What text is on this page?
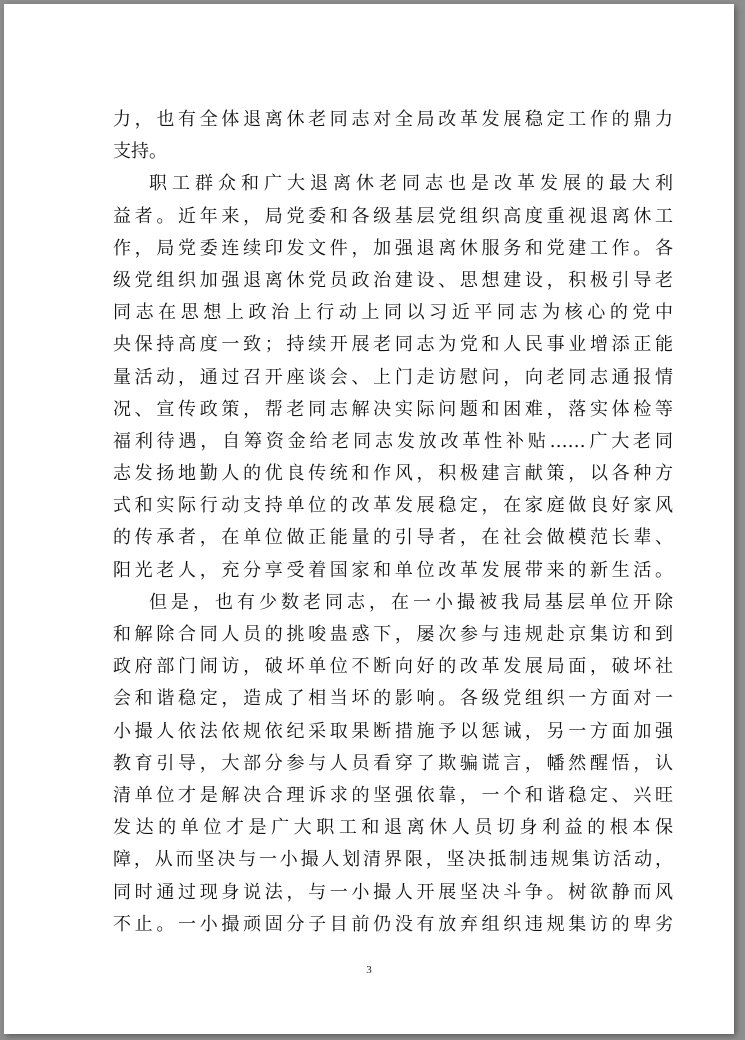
力，也有全体退离休老同志对全局改革发展稳定工作的鼎力
支持。
职工群众和广大退离休老同志也是改革发展的最大利
益者。近年来，局党委和各级基层党组织高度重视退离休工
作，局党委连续印发文件，加强退离休服务和党建工作。各
级党组织加强退离休党员政治建设、思想建设，积极引导老
同志在思想上政治上行动上同以习近平同志为核心的党中
央保持高度一致；持续开展老同志为党和人民事业增添正能
量活动，通过召开座谈会、上门走访慰问，向老同志通报情
况、宣传政策，帮老同志解决实际问题和困难，落实体检等
福利待遇，自筹资金给老同志发放改革性补贴……广大老同
志发扬地勤人的优良传统和作风，积极建言献策，以各种方
式和实际行动支持单位的改革发展稳定，在家庭做良好家风
的传承者，在单位做正能量的引导者，在社会做模范长辈、
阳光老人，充分享受着国家和单位改革发展带来的新生活。
但是，也有少数老同志，在一小撮被我局基层单位开除
和解除合同人员的挑唆蛊惑下，屡次参与违规赴京集访和到
政府部门闹访，破坏单位不断向好的改革发展局面，破坏社
会和谐稳定，造成了相当坏的影响。各级党组织一方面对一
小撮人依法依规依纪采取果断措施予以惩诫，另一方面加强
教育引导，大部分参与人员看穿了欺骗谎言，幡然醒悟，认
清单位才是解决合理诉求的坚强依靠，一个和谐稳定、兴旺
发达的单位才是广大职工和退离休人员切身利益的根本保
障，从而坚决与一小撮人划清界限，坚决抵制违规集访活动，
同时通过现身说法，与一小撮人开展坚决斗争。树欲静而风
不止。一小撮顽固分子目前仍没有放弃组织违规集访的卑劣
3
